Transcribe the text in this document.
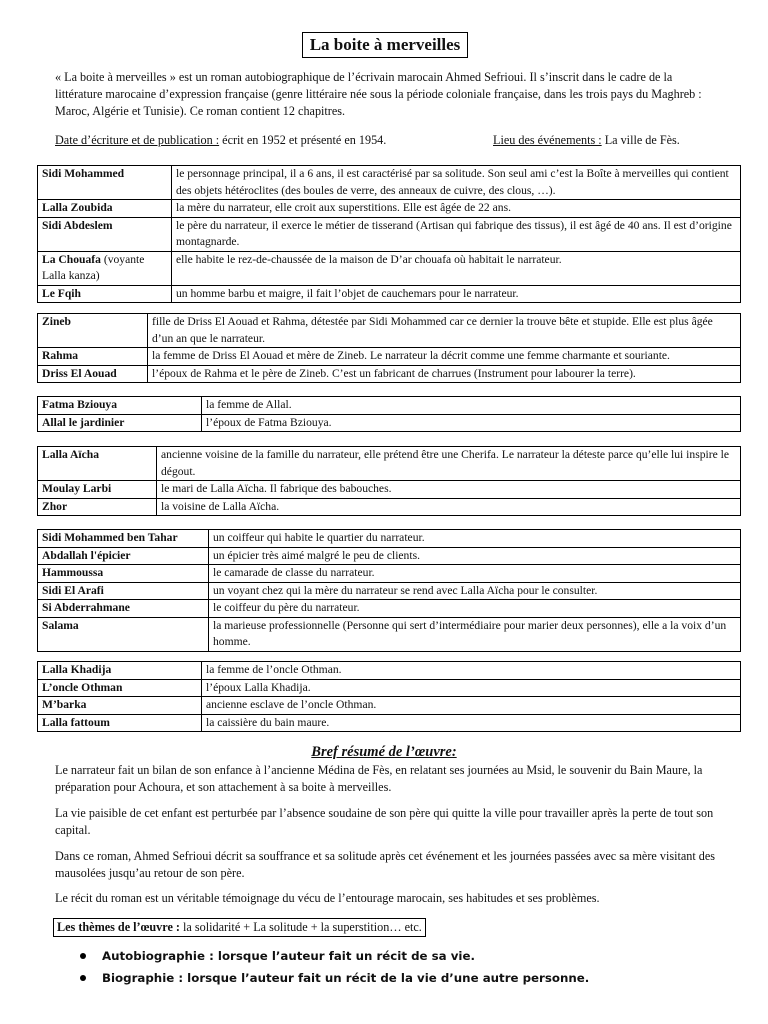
La boite à merveilles

« La boite à merveilles » est un roman autobiographique de l’écrivain marocain Ahmed Sefrioui. Il s’inscrit dans le cadre de la littérature marocaine d’expression française (genre littéraire née sous la période coloniale française, dans les trois pays du Maghreb : Maroc, Algérie et Tunisie). Ce roman contient 12 chapitres.

Date d’écriture et de publication : écrit en 1952 et présenté en 1954.	Lieu des événements : La ville de Fès.
Sidi Mohammed	le personnage principal, il a 6 ans, il est caractérisé par sa solitude. Son seul ami c’est la Boîte à merveilles qui contient des objets hétéroclites (des boules de verre, des anneaux de cuivre, des clous, …).
Lalla Zoubida	la mère du narrateur, elle croit aux superstitions. Elle est âgée de 22 ans.
Sidi Abdeslem	le père du narrateur, il exerce le métier de tisserand (Artisan qui fabrique des tissus), il est âgé de 40 ans. Il est d’origine montagnarde.
La Chouafa (voyante Lalla kanza)	elle habite le rez-de-chaussée de la maison de D’ar chouafa où habitait le narrateur.
Le Fqih	un homme barbu et maigre, il fait l’objet de cauchemars pour le narrateur.
Zineb	fille de Driss El Aouad et Rahma, détestée par Sidi Mohammed car ce dernier la trouve bête et stupide. Elle est plus âgée d’un an que le narrateur.
Rahma	la femme de Driss El Aouad et mère de Zineb. Le narrateur la décrit comme une femme charmante et souriante.
Driss El Aouad	l’époux de Rahma et le père de Zineb. C’est un fabricant de charrues (Instrument pour labourer la terre).
Fatma Bziouya	la femme de Allal.
Allal le jardinier	l’époux de Fatma Bziouya.
Lalla Aïcha	ancienne voisine de la famille du narrateur, elle prétend être une Cherifa. Le narrateur la déteste parce qu’elle lui inspire le dégout.
Moulay Larbi	le mari de Lalla Aïcha. Il fabrique des babouches.
Zhor	la voisine de Lalla Aïcha.
Sidi Mohammed ben Tahar	un coiffeur qui habite le quartier du narrateur.
Abdallah l'épicier	un épicier très aimé malgré le peu de clients.
Hammoussa	le camarade de classe du narrateur.
Sidi El Arafi	un voyant chez qui la mère du narrateur se rend avec Lalla Aïcha pour le consulter.
Si Abderrahmane	le coiffeur du père du narrateur.
Salama	la marieuse professionnelle (Personne qui sert d’intermédiaire pour marier deux personnes), elle a la voix d’un homme.
Lalla Khadija	la femme de l’oncle Othman.
L’oncle Othman	l’époux Lalla Khadija.
M’barka	ancienne esclave de l’oncle Othman.
Lalla fattoum	la caissière du bain maure.
Bref résumé de l’œuvre:

Le narrateur fait un bilan de son enfance à l’ancienne Médina de Fès, en relatant ses journées au Msid, le souvenir du Bain Maure, la préparation pour Achoura, et son attachement à sa boite à merveilles.

La vie paisible de cet enfant est perturbée par l’absence soudaine de son père qui quitte la ville pour travailler après la perte de tout son capital.

Dans ce roman, Ahmed Sefrioui décrit sa souffrance et sa solitude après cet événement et les journées passées avec sa mère visitant des mausolées jusqu’au retour de son père.

Le récit du roman est un véritable témoignage du vécu de l’entourage marocain, ses habitudes et ses problèmes.

Les thèmes de l’œuvre : la solidarité + La solitude + la superstition… etc.
Autobiographie : lorsque l’auteur fait un récit de sa vie.
Biographie : lorsque l’auteur fait un récit de la vie d’une autre personne.
